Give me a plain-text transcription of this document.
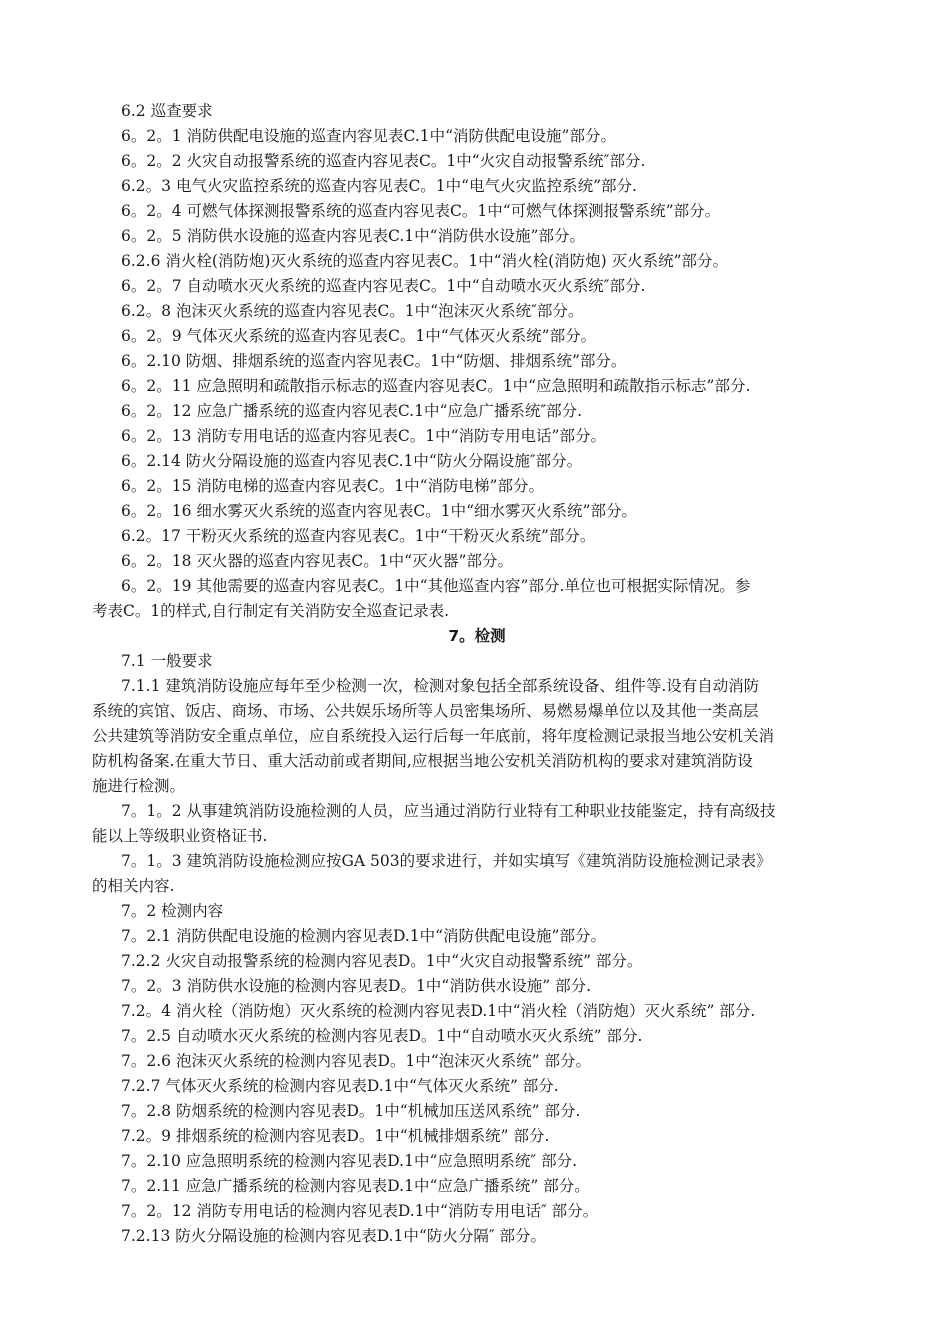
6.2 巡查要求
6。2。1 消防供配电设施的巡查内容见表C.1中“消防供配电设施”部分。
6。2。2 火灾自动报警系统的巡查内容见表C。1中“火灾自动报警系统″部分.
6.2。3 电气火灾监控系统的巡查内容见表C。1中“电气火灾监控系统”部分.
6。2。4 可燃气体探测报警系统的巡查内容见表C。1中“可燃气体探测报警系统”部分。
6。2。5 消防供水设施的巡查内容见表C.1中“消防供水设施”部分。
6.2.6 消火栓(消防炮)灭火系统的巡查内容见表C。1中“消火栓(消防炮) 灭火系统”部分。
6。2。7 自动喷水灭火系统的巡查内容见表C。1中“自动喷水灭火系统″部分.
6.2。8 泡沫灭火系统的巡查内容见表C。1中“泡沫灭火系统″部分。
6。2。9 气体灭火系统的巡查内容见表C。1中“气体灭火系统”部分。
6。2.10 防烟、排烟系统的巡查内容见表C。1中“防烟、排烟系统”部分。
6。2。11 应急照明和疏散指示标志的巡查内容见表C。1中“应急照明和疏散指示标志”部分.
6。2。12 应急广播系统的巡查内容见表C.1中“应急广播系统″部分.
6。2。13 消防专用电话的巡查内容见表C。1中“消防专用电话”部分。
6。2.14 防火分隔设施的巡查内容见表C.1中“防火分隔设施″部分。
6。2。15 消防电梯的巡查内容见表C。1中“消防电梯”部分。
6。2。16 细水雾灭火系统的巡查内容见表C。1中“细水雾灭火系统”部分。
6.2。17 干粉灭火系统的巡查内容见表C。1中“干粉灭火系统”部分。
6。2。18 灭火器的巡查内容见表C。1中“灭火器”部分。
6。2。19 其他需要的巡查内容见表C。1中“其他巡查内容”部分.单位也可根据实际情况。参
考表C。1的样式,自行制定有关消防安全巡查记录表.
7。检测
7.1 一般要求
7.1.1 建筑消防设施应每年至少检测一次，检测对象包括全部系统设备、组件等.设有自动消防
系统的宾馆、饭店、商场、市场、公共娱乐场所等人员密集场所、易燃易爆单位以及其他一类高层
公共建筑等消防安全重点单位，应自系统投入运行后每一年底前，将年度检测记录报当地公安机关消
防机构备案.在重大节日、重大活动前或者期间,应根据当地公安机关消防机构的要求对建筑消防设
施进行检测。
7。1。2 从事建筑消防设施检测的人员，应当通过消防行业特有工种职业技能鉴定，持有高级技
能以上等级职业资格证书.
7。1。3 建筑消防设施检测应按GA 503的要求进行，并如实填写《建筑消防设施检测记录表》
的相关内容.
7。2 检测内容
7。2.1 消防供配电设施的检测内容见表D.1中“消防供配电设施”部分。
7.2.2 火灾自动报警系统的检测内容见表D。1中“火灾自动报警系统” 部分。
7。2。3 消防供水设施的检测内容见表D。1中“消防供水设施” 部分.
7.2。4 消火栓（消防炮）灭火系统的检测内容见表D.1中“消火栓（消防炮）灭火系统” 部分.
7。2.5 自动喷水灭火系统的检测内容见表D。1中“自动喷水灭火系统” 部分.
7。2.6 泡沫灭火系统的检测内容见表D。1中“泡沫灭火系统” 部分。
7.2.7 气体灭火系统的检测内容见表D.1中“气体灭火系统” 部分.
7。2.8 防烟系统的检测内容见表D。1中“机械加压送风系统” 部分.
7.2。9 排烟系统的检测内容见表D。1中“机械排烟系统” 部分.
7。2.10 应急照明系统的检测内容见表D.1中“应急照明系统″ 部分.
7。2.11 应急广播系统的检测内容见表D.1中“应急广播系统” 部分。
7。2。12 消防专用电话的检测内容见表D.1中“消防专用电话″ 部分。
7.2.13 防火分隔设施的检测内容见表D.1中“防火分隔″ 部分。
